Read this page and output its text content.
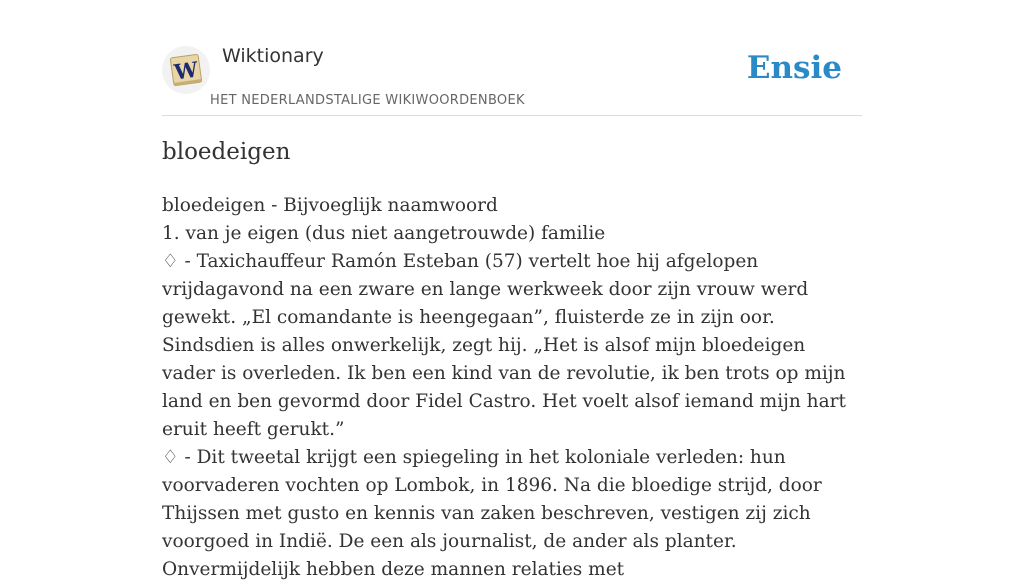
W
Wiktionary
HET NEDERLANDSTALIGE WIKIWOORDENBOEK
Ensie
bloedeigen

bloedeigen - Bijvoeglijk naamwoord

1. van je eigen (dus niet aangetrouwde) familie

♢ - Taxichauffeur Ramón Esteban (57) vertelt hoe hij afgelopen vrijdagavond na een zware en lange werkweek door zijn vrouw werd gewekt. „El comandante is heengegaan”, fluisterde ze in zijn oor. Sindsdien is alles onwerkelijk, zegt hij. „Het is alsof mijn bloedeigen vader is overleden. Ik ben een kind van de revolutie, ik ben trots op mijn land en ben gevormd door Fidel Castro. Het voelt alsof iemand mijn hart eruit heeft gerukt.”

♢ - Dit tweetal krijgt een spiegeling in het koloniale verleden: hun voorvaderen vochten op Lombok, in 1896. Na die bloedige strijd, door Thijssen met gusto en kennis van zaken beschreven, vestigen zij zich voorgoed in Indië. De een als journalist, de ander als planter. Onvermijdelijk hebben deze mannen relaties met
